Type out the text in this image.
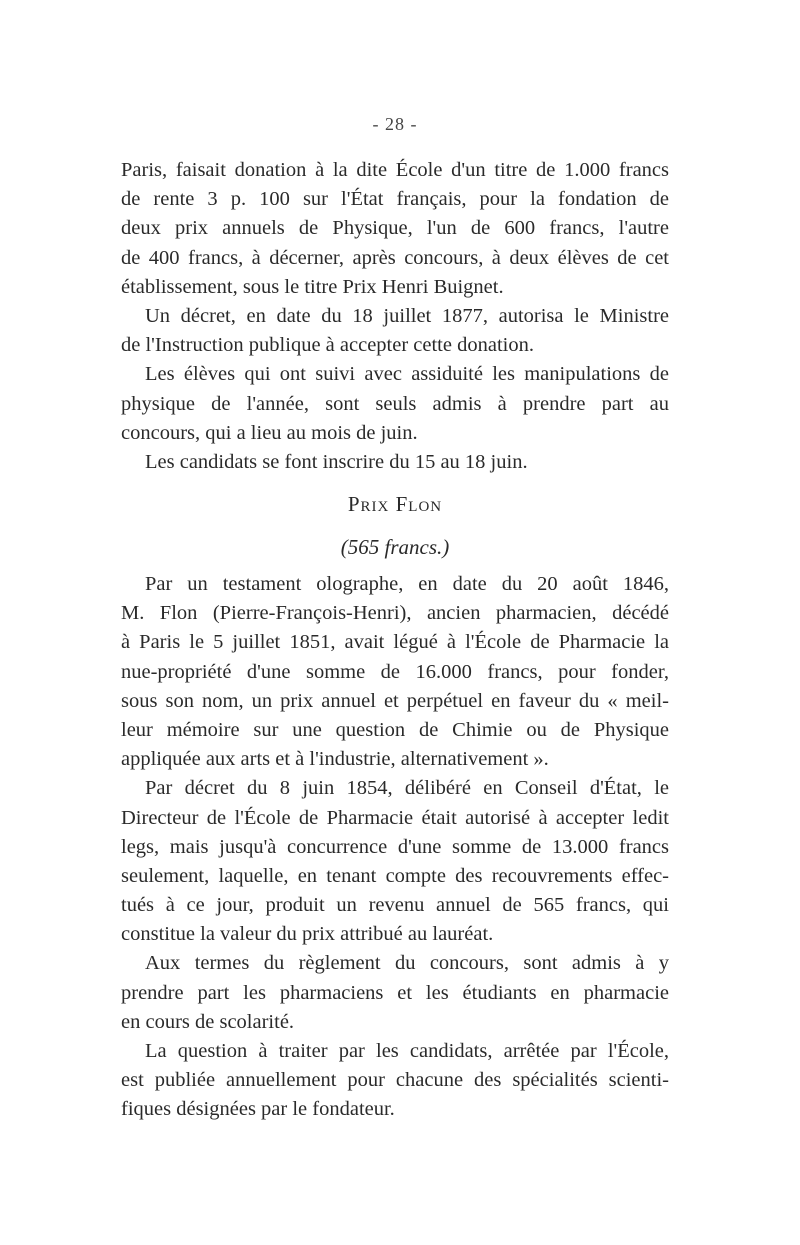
- 28 -
Paris, faisait donation à la dite École d'un titre de 1.000 francs
de rente 3 p. 100 sur l'État français, pour la fondation de
deux prix annuels de Physique, l'un de 600 francs, l'autre
de 400 francs, à décerner, après concours, à deux élèves de cet
établissement, sous le titre Prix Henri Buignet.
Un décret, en date du 18 juillet 1877, autorisa le Ministre
de l'Instruction publique à accepter cette donation.
Les élèves qui ont suivi avec assiduité les manipulations de
physique de l'année, sont seuls admis à prendre part au
concours, qui a lieu au mois de juin.
Les candidats se font inscrire du 15 au 18 juin.
Prix Flon
(565 francs.)
Par un testament olographe, en date du 20 août 1846,
M. Flon (Pierre-François-Henri), ancien pharmacien, décédé
à Paris le 5 juillet 1851, avait légué à l'École de Pharmacie la
nue-propriété d'une somme de 16.000 francs, pour fonder,
sous son nom, un prix annuel et perpétuel en faveur du « meil-
leur mémoire sur une question de Chimie ou de Physique
appliquée aux arts et à l'industrie, alternativement ».
Par décret du 8 juin 1854, délibéré en Conseil d'État, le
Directeur de l'École de Pharmacie était autorisé à accepter ledit
legs, mais jusqu'à concurrence d'une somme de 13.000 francs
seulement, laquelle, en tenant compte des recouvrements effec-
tués à ce jour, produit un revenu annuel de 565 francs, qui
constitue la valeur du prix attribué au lauréat.
Aux termes du règlement du concours, sont admis à y
prendre part les pharmaciens et les étudiants en pharmacie
en cours de scolarité.
La question à traiter par les candidats, arrêtée par l'École,
est publiée annuellement pour chacune des spécialités scienti-
fiques désignées par le fondateur.
